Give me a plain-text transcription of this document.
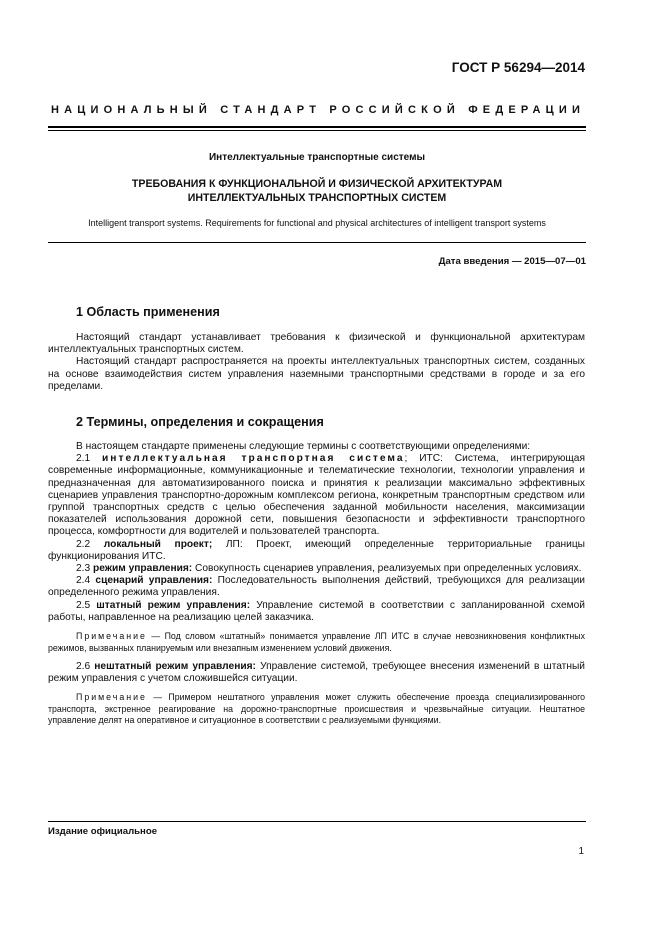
ГОСТ Р 56294—2014
НАЦИОНАЛЬНЫЙ СТАНДАРТ РОССИЙСКОЙ ФЕДЕРАЦИИ
Интеллектуальные транспортные системы
ТРЕБОВАНИЯ К ФУНКЦИОНАЛЬНОЙ И ФИЗИЧЕСКОЙ АРХИТЕКТУРАМ
ИНТЕЛЛЕКТУАЛЬНЫХ ТРАНСПОРТНЫХ СИСТЕМ
Intelligent transport systems. Requirements for functional and physical architectures of intelligent transport systems
Дата введения — 2015—07—01
1 Область применения

Настоящий стандарт устанавливает требования к физической и функциональной архитектурам интеллектуальных транспортных систем.

Настоящий стандарт распространяется на проекты интеллектуальных транспортных систем, созданных на основе взаимодействия систем управления наземными транспортными средствами в городе и за его пределами.

2 Термины, определения и сокращения

В настоящем стандарте применены следующие термины с соответствующими определениями:

2.1 интеллектуальная транспортная система; ИТС: Система, интегрирующая современные информационные, коммуникационные и телематические технологии, технологии управления и предназначенная для автоматизированного поиска и принятия к реализации максимально эффективных сценариев управления транспортно-дорожным комплексом региона, конкретным транспортным средством или группой транспортных средств с целью обеспечения заданной мобильности населения, максимизации показателей использования дорожной сети, повышения безопасности и эффективности транспортного процесса, комфортности для водителей и пользователей транспорта.

2.2 локальный проект; ЛП: Проект, имеющий определенные территориальные границы функционирования ИТС.

2.3 режим управления: Совокупность сценариев управления, реализуемых при определенных условиях.

2.4 сценарий управления: Последовательность выполнения действий, требующихся для реализации определенного режима управления.

2.5 штатный режим управления: Управление системой в соответствии с запланированной схемой работы, направленное на реализацию целей заказчика.

Примечание — Под словом «штатный» понимается управление ЛП ИТС в случае невозникновения конфликтных режимов, вызванных планируемым или внезапным изменением условий движения.

2.6 нештатный режим управления: Управление системой, требующее внесения изменений в штатный режим управления с учетом сложившейся ситуации.

Примечание — Примером нештатного управления может служить обеспечение проезда специализированного транспорта, экстренное реагирование на дорожно-транспортные происшествия и чрезвычайные ситуации. Нештатное управление делят на оперативное и ситуационное в соответствии с реализуемыми функциями.

Издание официальное
1
